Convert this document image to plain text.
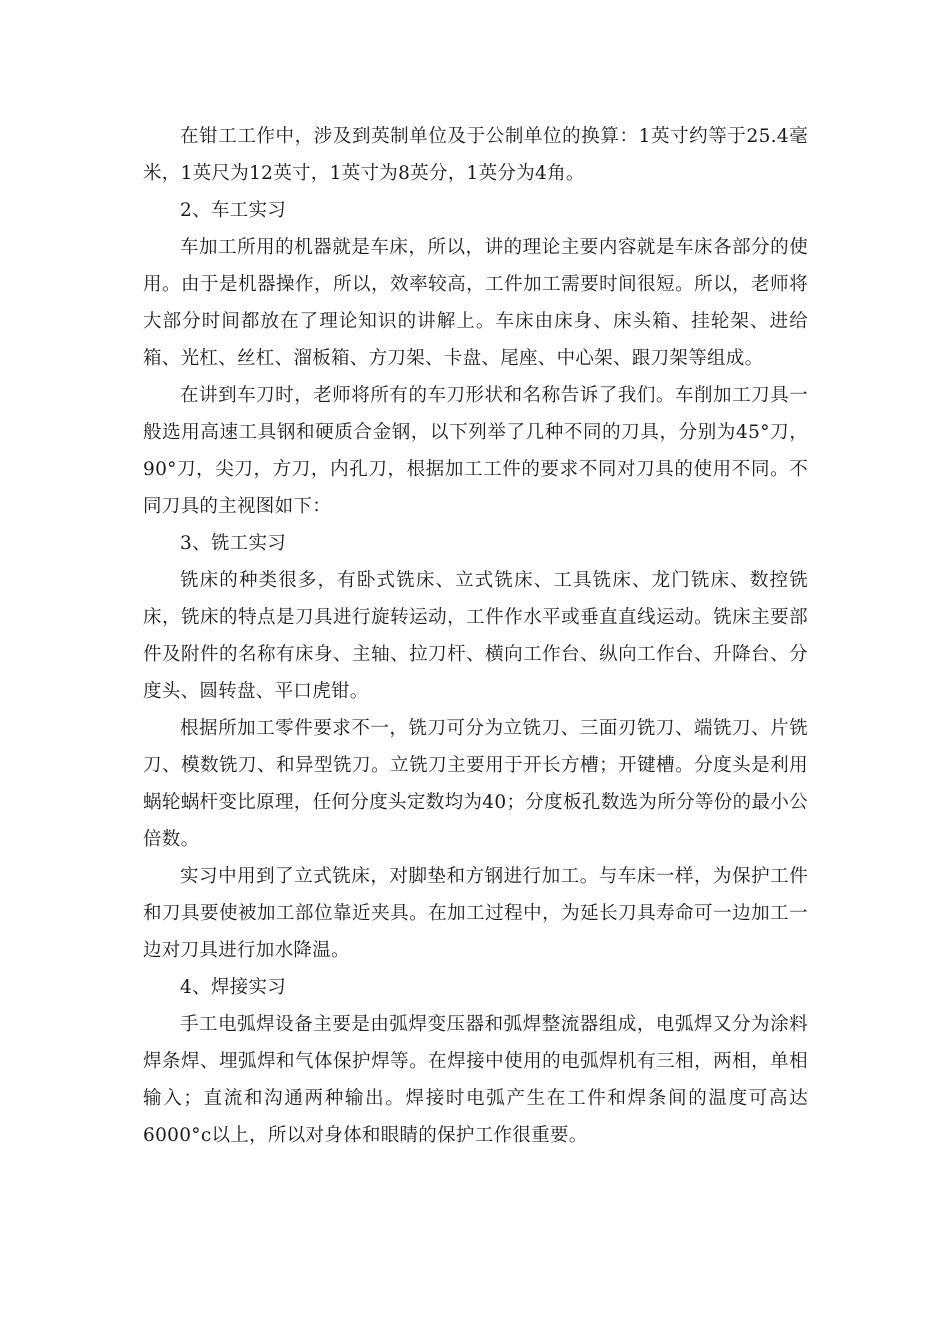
在钳工工作中，涉及到英制单位及于公制单位的换算：1英寸约等于25.4毫米，1英尺为12英寸，1英寸为8英分，1英分为4角。

2、车工实习

车加工所用的机器就是车床，所以，讲的理论主要内容就是车床各部分的使用。由于是机器操作，所以，效率较高，工件加工需要时间很短。所以，老师将大部分时间都放在了理论知识的讲解上。车床由床身、床头箱、挂轮架、进给箱、光杠、丝杠、溜板箱、方刀架、卡盘、尾座、中心架、跟刀架等组成。

在讲到车刀时，老师将所有的车刀形状和名称告诉了我们。车削加工刀具一般选用高速工具钢和硬质合金钢，以下列举了几种不同的刀具，分别为45°刀，90°刀，尖刀，方刀，内孔刀，根据加工工件的要求不同对刀具的使用不同。不同刀具的主视图如下：

3、铣工实习

铣床的种类很多，有卧式铣床、立式铣床、工具铣床、龙门铣床、数控铣床，铣床的特点是刀具进行旋转运动，工件作水平或垂直直线运动。铣床主要部件及附件的名称有床身、主轴、拉刀杆、横向工作台、纵向工作台、升降台、分度头、圆转盘、平口虎钳。

根据所加工零件要求不一，铣刀可分为立铣刀、三面刃铣刀、端铣刀、片铣刀、模数铣刀、和异型铣刀。立铣刀主要用于开长方槽；开键槽。分度头是利用蜗轮蜗杆变比原理，任何分度头定数均为40；分度板孔数选为所分等份的最小公倍数。

实习中用到了立式铣床，对脚垫和方钢进行加工。与车床一样，为保护工件和刀具要使被加工部位靠近夹具。在加工过程中，为延长刀具寿命可一边加工一边对刀具进行加水降温。

4、焊接实习

手工电弧焊设备主要是由弧焊变压器和弧焊整流器组成，电弧焊又分为涂料焊条焊、埋弧焊和气体保护焊等。在焊接中使用的电弧焊机有三相，两相，单相输入；直流和沟通两种输出。焊接时电弧产生在工件和焊条间的温度可高达6000°c以上，所以对身体和眼睛的保护工作很重要。
